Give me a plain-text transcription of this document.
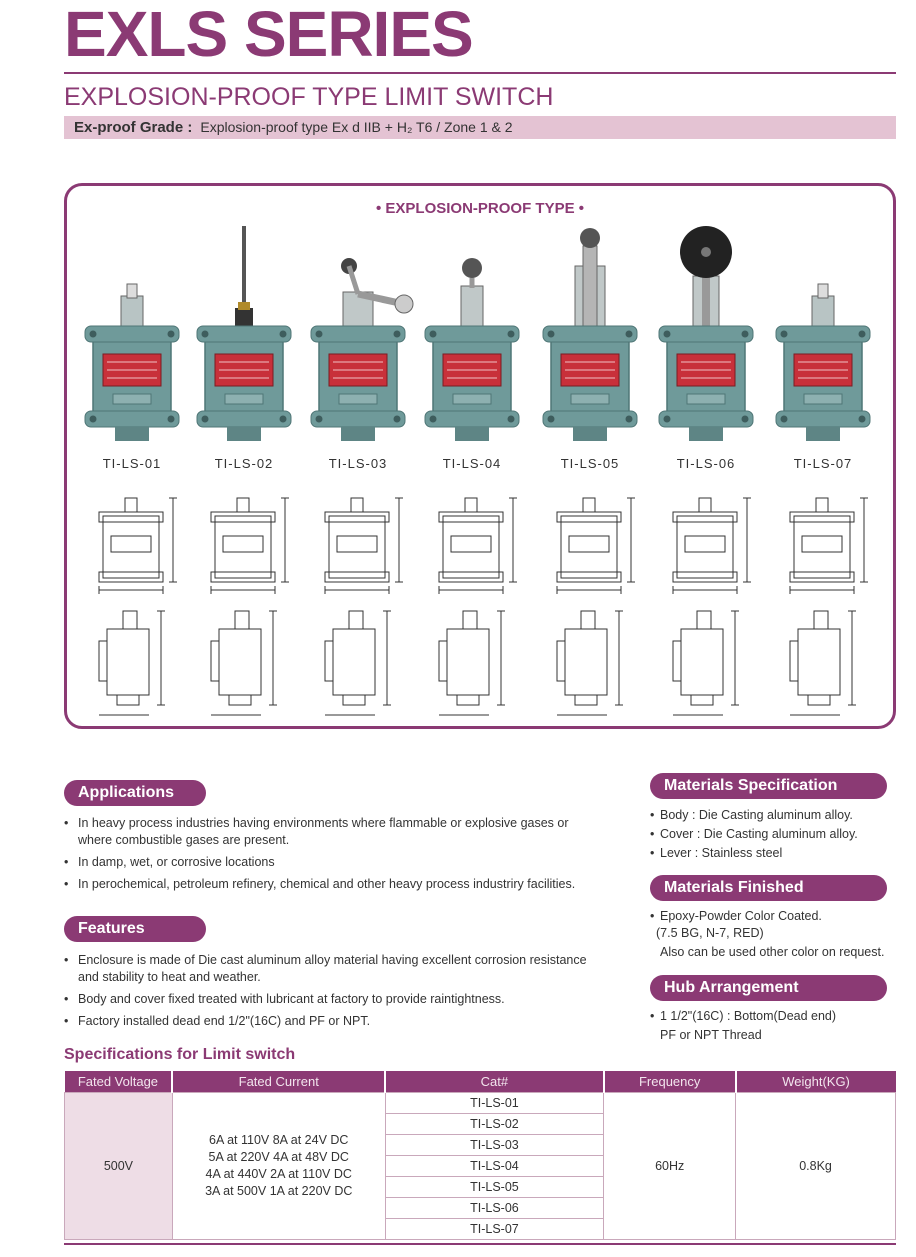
EXLS SERIES
EXPLOSION-PROOF TYPE LIMIT SWITCH
Ex-proof Grade : Explosion-proof type Ex d IIB + H₂ T6 / Zone 1 & 2
• EXPLOSION-PROOF TYPE •
TI-LS-01	TI-LS-02	TI-LS-03	TI-LS-04	TI-LS-05	TI-LS-06	TI-LS-07
Applications
• In heavy process industries having environments where flammable or explosive gases or where combustible gases are present.
• In damp, wet, or corrosive locations
• In perochemical, petroleum refinery, chemical and other heavy process industriry facilities.
Features
• Enclosure is made of Die cast aluminum alloy material having excellent corrosion resistance and stability to heat and weather.
• Body and cover fixed treated with lubricant at factory to provide raintightness.
• Factory installed dead end 1/2"(16C) and PF or NPT.
Materials Specification
• Body : Die Casting aluminum alloy.
• Cover : Die Casting aluminum alloy.
• Lever : Stainless steel
Materials Finished
• Epoxy-Powder Color Coated.
(7.5 BG, N-7, RED)
Also can be used other color on request.
Hub Arrangement
• 1 1/2"(16C) : Bottom(Dead end)
PF or NPT Thread
Specifications for Limit switch
Fated Voltage	Fated Current	Cat#	Frequency	Weight(KG)
500V	6A at 110V 8A at 24V DC
5A at 220V 4A at 48V DC
4A at 440V 2A at 110V DC
3A at 500V 1A at 220V DC	TI-LS-01	60Hz	0.8Kg
		TI-LS-02		
		TI-LS-03		
		TI-LS-04		
		TI-LS-05		
		TI-LS-06		
		TI-LS-07		
